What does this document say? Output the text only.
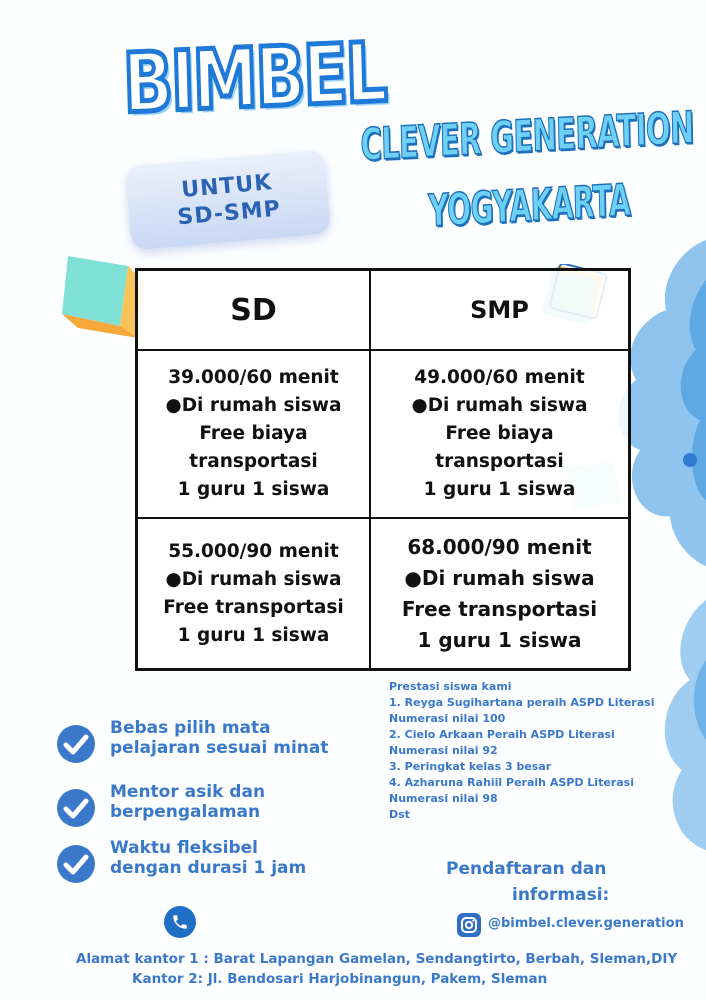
BIMBEL
UNTUK
SD-SMP
CLEVER GENERATION
YOGYAKARTA
SD	SMP
39.000/60 menit
●Di rumah siswa
Free biaya
transportasi
1 guru 1 siswa
49.000/60 menit
●Di rumah siswa
Free biaya
transportasi
1 guru 1 siswa
55.000/90 menit
●Di rumah siswa
Free transportasi
1 guru 1 siswa
68.000/90 menit
●Di rumah siswa
Free transportasi
1 guru 1 siswa
Bebas pilih mata
pelajaran sesuai minat
Mentor asik dan
berpengalaman
Waktu fleksibel
dengan durasi 1 jam
Prestasi siswa kami
1. Reyga Sugihartana peraih ASPD Literasi
Numerasi nilai 100
2. Cielo Arkaan Peraih ASPD Literasi
Numerasi nilai 92
3. Peringkat kelas 3 besar
4. Azharuna Rahiil Peraih ASPD Literasi
Numerasi nilai 98
Dst
Pendaftaran dan
informasi:
@bimbel.clever.generation
Alamat kantor 1 : Barat Lapangan Gamelan, Sendangtirto, Berbah, Sleman,DIY
Kantor 2: Jl. Bendosari Harjobinangun, Pakem, Sleman
